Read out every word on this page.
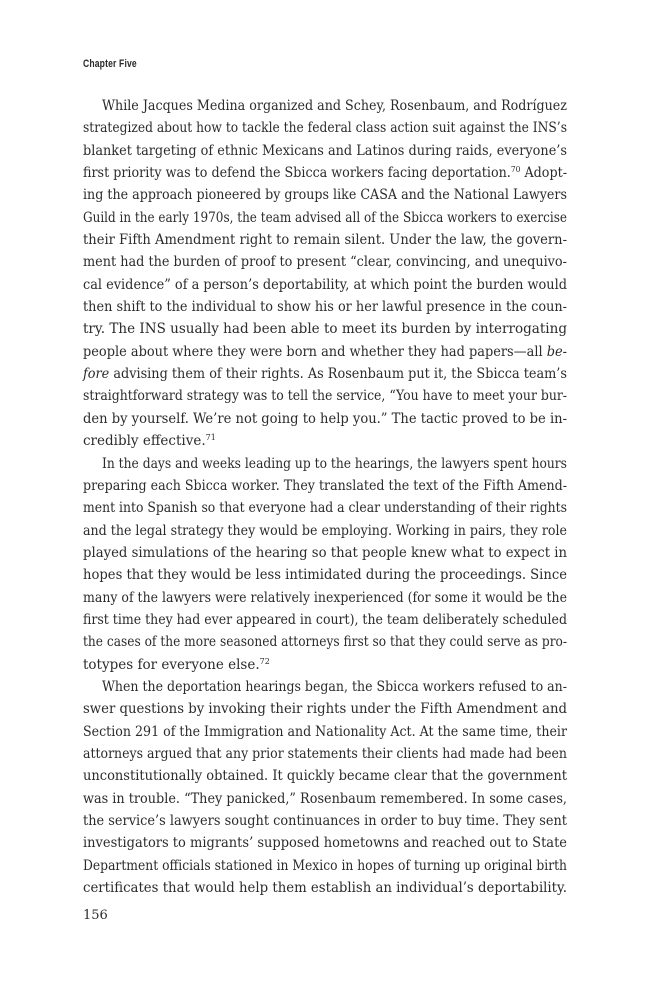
Chapter Five
While Jacques Medina organized and Schey, Rosenbaum, and Rodríguez
strategized about how to tackle the federal class action suit against the INS’s
blanket targeting of ethnic Mexicans and Latinos during raids, everyone’s
first priority was to defend the Sbicca workers facing deportation.$^{70}$ Adopt-
ing the approach pioneered by groups like CASA and the National Lawyers
Guild in the early 1970s, the team advised all of the Sbicca workers to exercise
their Fifth Amendment right to remain silent. Under the law, the govern-
ment had the burden of proof to present “clear, convincing, and unequivo-
cal evidence” of a person’s deportability, at which point the burden would
then shift to the individual to show his or her lawful presence in the coun-
try. The INS usually had been able to meet its burden by interrogating
people about where they were born and whether they had papers—all be-
fore advising them of their rights. As Rosenbaum put it, the Sbicca team’s
straightforward strategy was to tell the service, “You have to meet your bur-
den by yourself. We’re not going to help you.” The tactic proved to be in-
credibly effective.$^{71}$
In the days and weeks leading up to the hearings, the lawyers spent hours
preparing each Sbicca worker. They translated the text of the Fifth Amend-
ment into Spanish so that everyone had a clear understanding of their rights
and the legal strategy they would be employing. Working in pairs, they role
played simulations of the hearing so that people knew what to expect in
hopes that they would be less intimidated during the proceedings. Since
many of the lawyers were relatively inexperienced (for some it would be the
first time they had ever appeared in court), the team deliberately scheduled
the cases of the more seasoned attorneys first so that they could serve as pro-
totypes for everyone else.$^{72}$
When the deportation hearings began, the Sbicca workers refused to an-
swer questions by invoking their rights under the Fifth Amendment and
Section 291 of the Immigration and Nationality Act. At the same time, their
attorneys argued that any prior statements their clients had made had been
unconstitutionally obtained. It quickly became clear that the government
was in trouble. “They panicked,” Rosenbaum remembered. In some cases,
the service’s lawyers sought continuances in order to buy time. They sent
investigators to migrants’ supposed hometowns and reached out to State
Department officials stationed in Mexico in hopes of turning up original birth
certificates that would help them establish an individual’s deportability.
156
